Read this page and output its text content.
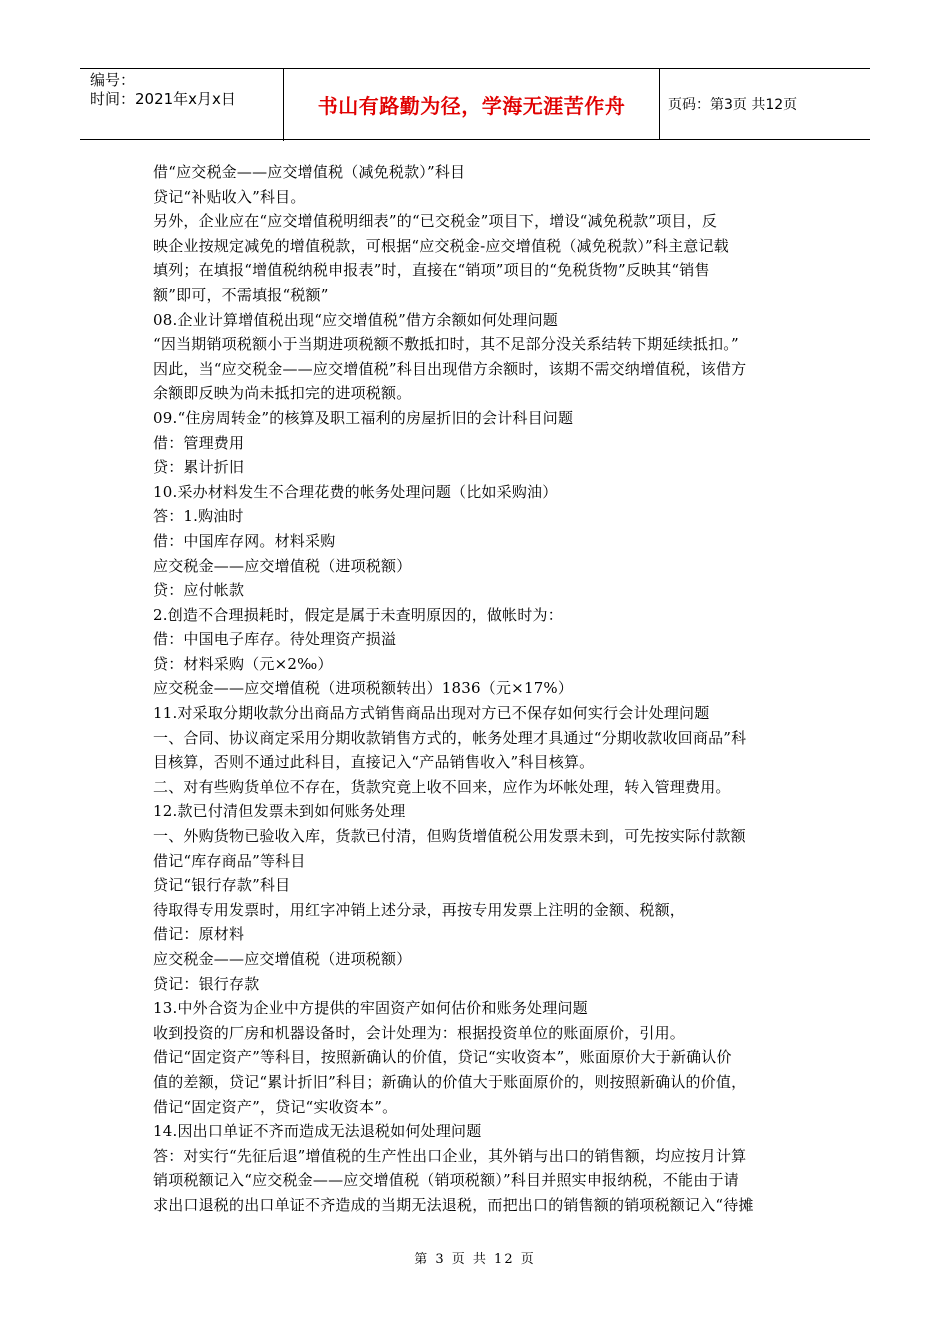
编号：
时间：2021年x月x日	书山有路勤为径，学海无涯苦作舟	页码：第3页 共12页
借“应交税金——应交增值税（减免税款）”科目
贷记“补贴收入”科目。
另外，企业应在“应交增值税明细表”的“已交税金”项目下，增设“减免税款”项目，反
映企业按规定减免的增值税款，可根据“应交税金-应交增值税（减免税款）”科主意记载
填列；在填报“增值税纳税申报表”时，直接在“销项”项目的“免税货物”反映其“销售
额”即可，不需填报“税额”
08.企业计算增值税出现“应交增值税”借方余额如何处理问题
“因当期销项税额小于当期进项税额不敷抵扣时，其不足部分没关系结转下期延续抵扣。”
因此，当“应交税金——应交增值税”科目出现借方余额时，该期不需交纳增值税，该借方
余额即反映为尚未抵扣完的进项税额。
09.“住房周转金”的核算及职工福利的房屋折旧的会计科目问题
借：管理费用
贷：累计折旧
10.采办材料发生不合理花费的帐务处理问题（比如采购油）
答：1.购油时
借：中国库存网。材料采购
应交税金——应交增值税（进项税额）
贷：应付帐款
2.创造不合理损耗时，假定是属于未查明原因的，做帐时为：
借：中国电子库存。待处理资产损溢
贷：材料采购（元×2‰）
应交税金——应交增值税（进项税额转出）1836（元×17%）
11.对采取分期收款分出商品方式销售商品出现对方已不保存如何实行会计处理问题
一、合同、协议商定采用分期收款销售方式的，帐务处理才具通过“分期收款收回商品”科
目核算，否则不通过此科目，直接记入“产品销售收入”科目核算。
二、对有些购货单位不存在，货款究竟上收不回来，应作为坏帐处理，转入管理费用。
12.款已付清但发票未到如何账务处理
一、外购货物已验收入库，货款已付清，但购货增值税公用发票未到，可先按实际付款额
借记“库存商品”等科目
贷记“银行存款”科目
待取得专用发票时，用红字冲销上述分录，再按专用发票上注明的金额、税额，
借记：原材料
应交税金——应交增值税（进项税额）
贷记：银行存款
13.中外合资为企业中方提供的牢固资产如何估价和账务处理问题
收到投资的厂房和机器设备时，会计处理为：根据投资单位的账面原价，引用。
借记“固定资产”等科目，按照新确认的价值，贷记“实收资本”，账面原价大于新确认价
值的差额，贷记“累计折旧”科目；新确认的价值大于账面原价的，则按照新确认的价值，
借记“固定资产”，贷记“实收资本”。
14.因出口单证不齐而造成无法退税如何处理问题
答：对实行“先征后退”增值税的生产性出口企业，其外销与出口的销售额，均应按月计算
销项税额记入“应交税金——应交增值税（销项税额）”科目并照实申报纳税，不能由于请
求出口退税的出口单证不齐造成的当期无法退税，而把出口的销售额的销项税额记入“待摊
第 3 页 共 12 页
